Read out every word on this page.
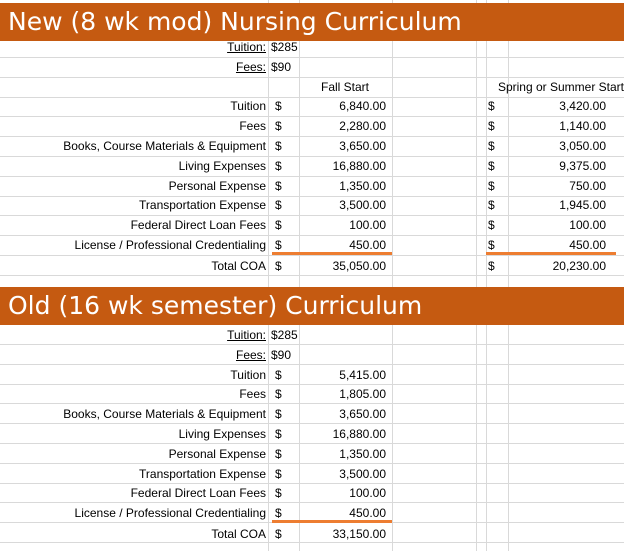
New (8 wk mod) Nursing Curriculum
Tuition: $285
Fees: $90
Fall Start	Spring or Summer Start
Tuition $	6,840.00	$	3,420.00
Fees $	2,280.00	$	1,140.00
Books, Course Materials & Equipment $	3,650.00	$	3,050.00
Living Expenses $	16,880.00	$	9,375.00
Personal Expense $	1,350.00	$	750.00
Transportation Expense $	3,500.00	$	1,945.00
Federal Direct Loan Fees $	100.00	$	100.00
License / Professional Credentialing $	450.00	$	450.00
Total COA $	35,050.00	$	20,230.00
Old (16 wk semester) Curriculum
Tuition: $285
Fees: $90
Tuition $	5,415.00
Fees $	1,805.00
Books, Course Materials & Equipment $	3,650.00
Living Expenses $	16,880.00
Personal Expense $	1,350.00
Transportation Expense $	3,500.00
Federal Direct Loan Fees $	100.00
License / Professional Credentialing $	450.00
Total COA $	33,150.00
